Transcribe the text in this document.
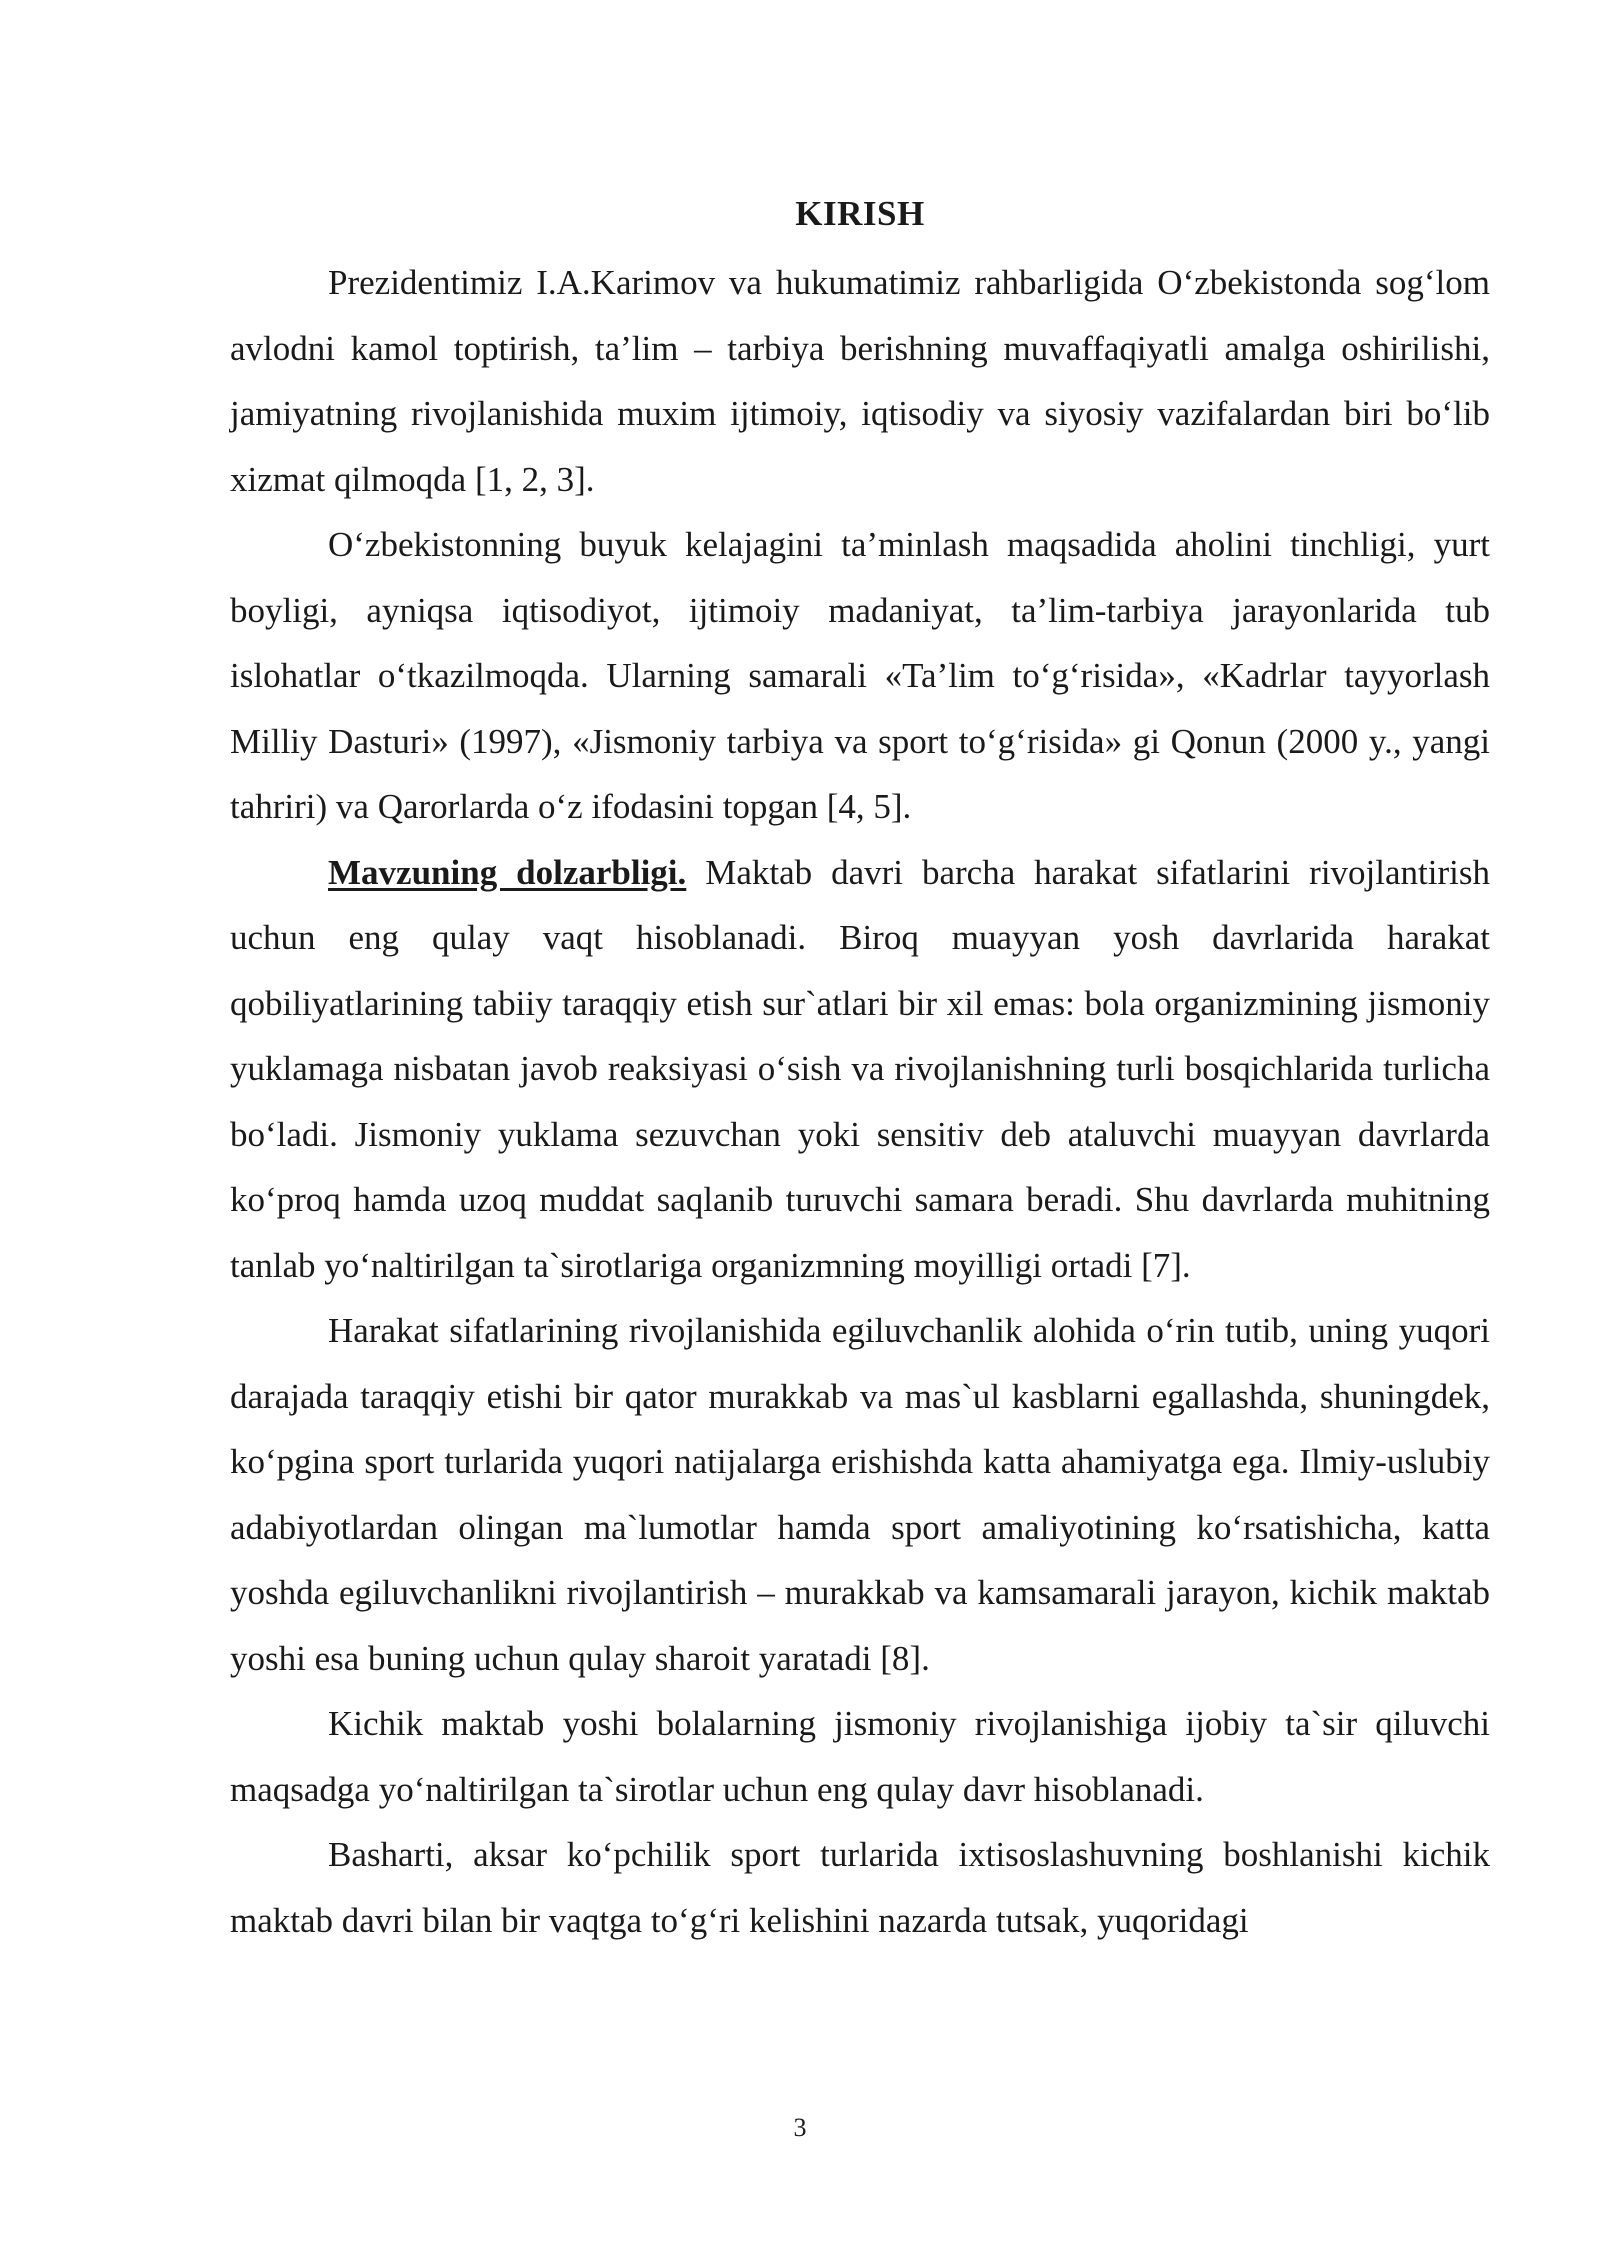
KIRISH

Prezidentimiz I.A.Karimov va hukumatimiz rahbarligida O‘zbekistonda sog‘lom avlodni kamol toptirish, ta’lim – tarbiya berishning muvaffaqiyatli amalga oshirilishi, jamiyatning rivojlanishida muxim ijtimoiy, iqtisodiy va siyosiy vazifalardan biri bo‘lib xizmat qilmoqda [1, 2, 3].

O‘zbekistonning buyuk kelajagini ta’minlash maqsadida aholini tinchligi, yurt boyligi, ayniqsa iqtisodiyot, ijtimoiy madaniyat, ta’lim-tarbiya jarayonlarida tub islohatlar o‘tkazilmoqda. Ularning samarali «Ta’lim to‘g‘risida», «Kadrlar tayyorlash Milliy Dasturi» (1997), «Jismoniy tarbiya va sport to‘g‘risida» gi Qonun (2000 y., yangi tahriri) va Qarorlarda o‘z ifodasini topgan [4, 5].

Mavzuning dolzarbligi. Maktab davri barcha harakat sifatlarini rivojlantirish uchun eng qulay vaqt hisoblanadi. Biroq muayyan yosh davrlarida harakat qobiliyatlarining tabiiy taraqqiy etish sur`atlari bir xil emas: bola organizmining jismoniy yuklamaga nisbatan javob reaksiyasi o‘sish va rivojlanishning turli bosqichlarida turlicha bo‘ladi. Jismoniy yuklama sezuvchan yoki sensitiv deb ataluvchi muayyan davrlarda ko‘proq hamda uzoq muddat saqlanib turuvchi samara beradi. Shu davrlarda muhitning tanlab yo‘naltirilgan ta`sirotlariga organizmning moyilligi ortadi [7].

Harakat sifatlarining rivojlanishida egiluvchanlik alohida o‘rin tutib, uning yuqori darajada taraqqiy etishi bir qator murakkab va mas`ul kasblarni egallashda, shuningdek, ko‘pgina sport turlarida yuqori natijalarga erishishda katta ahamiyatga ega. Ilmiy-uslubiy adabiyotlardan olingan ma`lumotlar hamda sport amaliyotining ko‘rsatishicha, katta yoshda egiluvchanlikni rivojlantirish – murakkab va kamsamarali jarayon, kichik maktab yoshi esa buning uchun qulay sharoit yaratadi [8].

Kichik maktab yoshi bolalarning jismoniy rivojlanishiga ijobiy ta`sir qiluvchi maqsadga yo‘naltirilgan ta`sirotlar uchun eng qulay davr hisoblanadi.

Basharti, aksar ko‘pchilik sport turlarida ixtisoslashuvning boshlanishi kichik maktab davri bilan bir vaqtga to‘g‘ri kelishini nazarda tutsak, yuqoridagi

3
